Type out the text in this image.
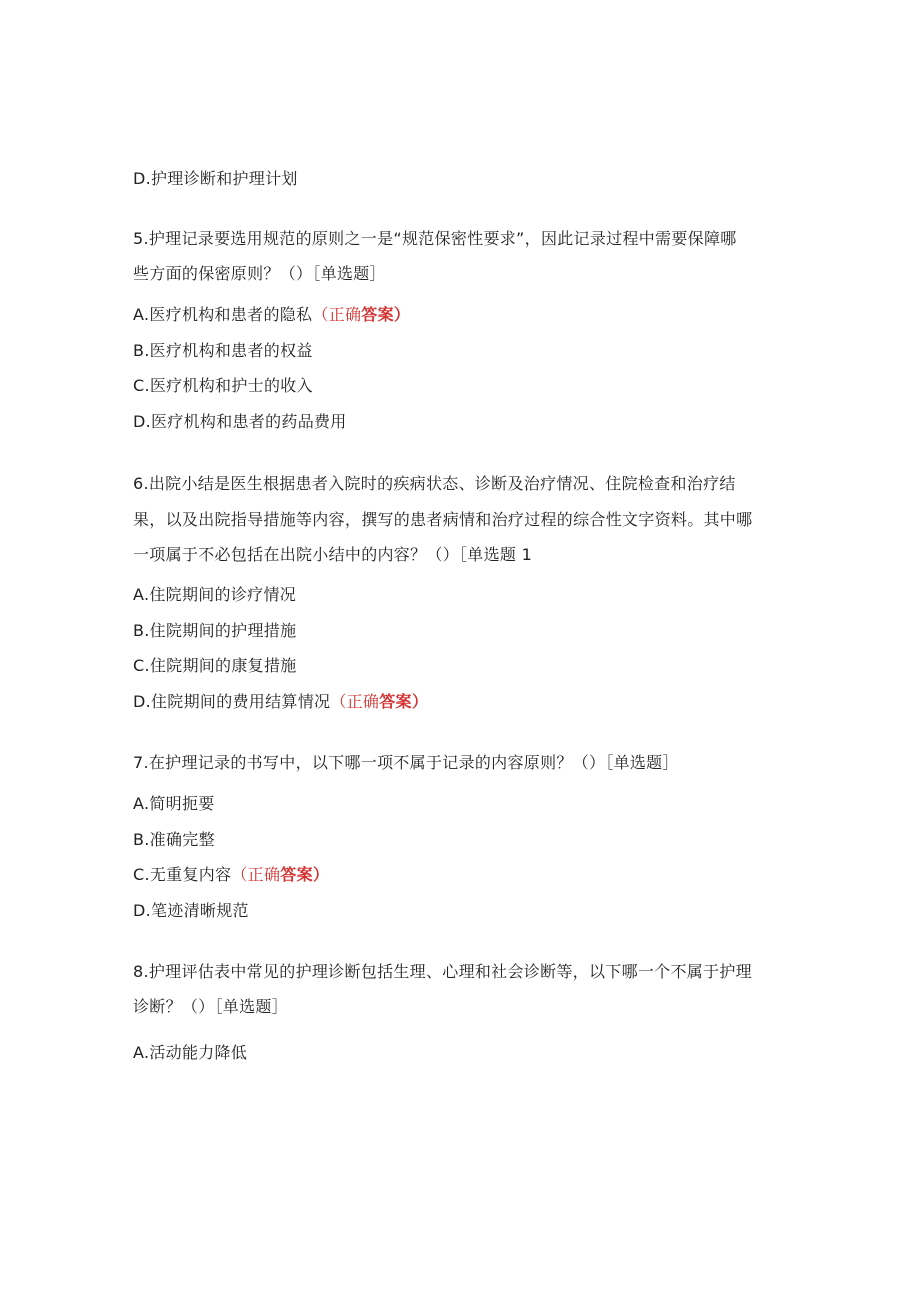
D.护理诊断和护理计划
5.护理记录要选用规范的原则之一是“规范保密性要求”，因此记录过程中需要保障哪
些方面的保密原则？（）［单选题］
A.医疗机构和患者的隐私（正确答案）
B.医疗机构和患者的权益
C.医疗机构和护士的收入
D.医疗机构和患者的药品费用
6.出院小结是医生根据患者入院时的疾病状态、诊断及治疗情况、住院检查和治疗结
果，以及出院指导措施等内容，撰写的患者病情和治疗过程的综合性文字资料。其中哪
一项属于不必包括在出院小结中的内容？（）［单选题 1
A.住院期间的诊疗情况
B.住院期间的护理措施
C.住院期间的康复措施
D.住院期间的费用结算情况（正确答案）
7.在护理记录的书写中，以下哪一项不属于记录的内容原则？（）［单选题］
A.简明扼要
B.准确完整
C.无重复内容（正确答案）
D.笔迹清晰规范
8.护理评估表中常见的护理诊断包括生理、心理和社会诊断等，以下哪一个不属于护理
诊断？（）［单选题］
A.活动能力降低
